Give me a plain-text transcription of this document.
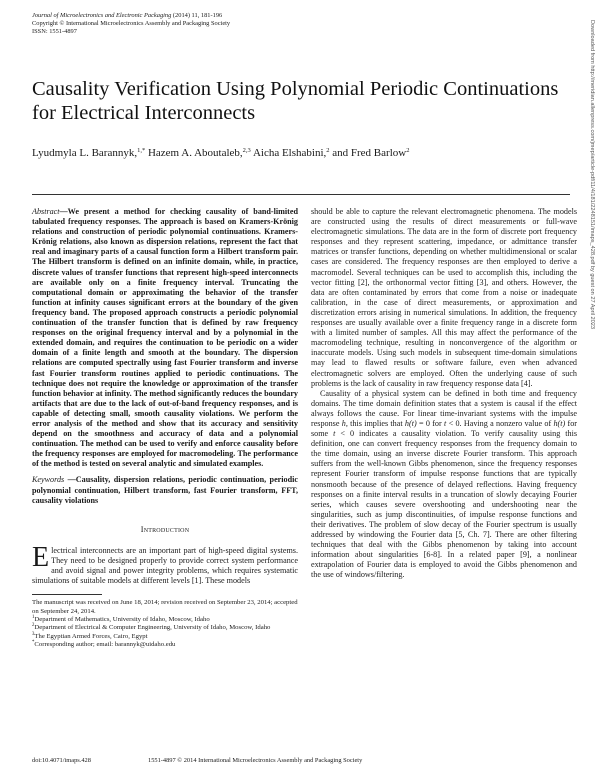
Journal of Microelectronics and Electronic Packaging (2014) 11, 181-196
Copyright © International Microelectronics Assembly and Packaging Society
ISSN: 1551-4897
Causality Verification Using Polynomial Periodic Continuations for Electrical Interconnects
Lyudmyla L. Barannyk,$^{1,*}$ Hazem A. Aboutaleb,$^{2,3}$ Aicha Elshabini,$^2$ and Fred Barlow$^2$

Abstract—We present a method for checking causality of band-limited tabulated frequency responses. The approach is based on Kramers-Krönig relations and construction of periodic polynomial continuations. Kramers-Krönig relations, also known as dispersion relations, represent the fact that real and imaginary parts of a causal function form a Hilbert transform pair. The Hilbert transform is defined on an infinite domain, while, in practice, discrete values of transfer functions that represent high-speed interconnects are available only on a finite frequency interval. Truncating the computational domain or approximating the behavior of the transfer function at infinity causes significant errors at the boundary of the given frequency band. The proposed approach constructs a periodic polynomial continuation of the transfer function that is defined by raw frequency responses on the original frequency interval and by a polynomial in the extended domain, and requires the continuation to be periodic on a wider domain of a finite length and smooth at the boundary. The dispersion relations are computed spectrally using fast Fourier transform and inverse fast Fourier transform routines applied to periodic continuations. The technique does not require the knowledge or approximation of the transfer function behavior at infinity. The method significantly reduces the boundary artifacts that are due to the lack of out-of-band frequency responses, and is capable of detecting small, smooth causality violations. We perform the error analysis of the method and show that its accuracy and sensitivity depend on the smoothness and accuracy of data and a polynomial continuation. The method can be used to verify and enforce causality before the frequency responses are employed for macromodeling. The performance of the method is tested on several analytic and simulated examples.

Keywords —Causality, dispersion relations, periodic continuation, periodic polynomial continuation, Hilbert transform, fast Fourier transform, FFT, causality violations

Introduction

Electrical interconnects are an important part of high-speed digital systems. They need to be designed properly to provide correct system performance and avoid signal and power integrity problems, which requires systematic simulations of suitable models at different levels [1]. These models

The manuscript was received on June 18, 2014; revision received on September 23, 2014; accepted on September 24, 2014.

$^1$Department of Mathematics, University of Idaho, Moscow, Idaho

$^2$Department of Electrical & Computer Engineering, University of Idaho, Moscow, Idaho

$^3$The Egyptian Armed Forces, Cairo, Egypt

*Corresponding author; email: barannyk@uidaho.edu

should be able to capture the relevant electromagnetic phenomena. The models are constructed using the results of direct measurements or full-wave electromagnetic simulations. The data are in the form of discrete port frequency responses and they represent scattering, impedance, or admittance transfer matrices or transfer functions, depending on whether multidimensional or scalar cases are considered. The frequency responses are then employed to derive a macromodel. Several techniques can be used to accomplish this, including the vector fitting [2], the orthonormal vector fitting [3], and others. However, the data are often contaminated by errors that come from a noise or inadequate calibration, in the case of direct measurements, or approximation and discretization errors arising in numerical simulations. In addition, the frequency responses are usually available over a finite frequency range in a discrete form with a limited number of samples. All this may affect the performance of the macromodeling technique, resulting in nonconvergence of the algorithm or inaccurate models. Using such models in subsequent time-domain simulations may lead to flawed results or software failure, even when advanced electromagnetic solvers are employed. Often the underlying cause of such problems is the lack of causality in raw frequency response data [4].

Causality of a physical system can be defined in both time and frequency domains. The time domain definition states that a system is causal if the effect always follows the cause. For linear time-invariant systems with the impulse response h, this implies that h(t) = 0 for t < 0. Having a nonzero value of h(t) for some t < 0 indicates a causality violation. To verify causality using this definition, one can convert frequency responses from the frequency domain to the time domain, using an inverse discrete Fourier transform. This approach suffers from the well-known Gibbs phenomenon, since the frequency responses represent Fourier transform of impulse response functions that are typically nonsmooth because of the presence of delayed reflections. Having frequency responses on a finite interval results in a truncation of slowly decaying Fourier series, which causes severe overshooting and undershooting near the singularities, such as jump discontinuities, of impulse response functions and their derivatives. The problem of slow decay of the Fourier spectrum is usually addressed by windowing the Fourier data [5, Ch. 7]. There are other filtering techniques that deal with the Gibbs phenomenon by taking into account information about singularities [6-8]. In a related paper [9], a nonlinear extrapolation of Fourier data is employed to avoid the Gibbs phenomenon and the use of windows/filtering.

doi:10.4071/imaps.428	1551-4897 © 2014 International Microelectronics Assembly and Packaging Society
Downloaded from http://meridian.allenpress.com/jmep/article-pdf/11/4/181/2248151/imaps_428.pdf by guest on 27 April 2023
